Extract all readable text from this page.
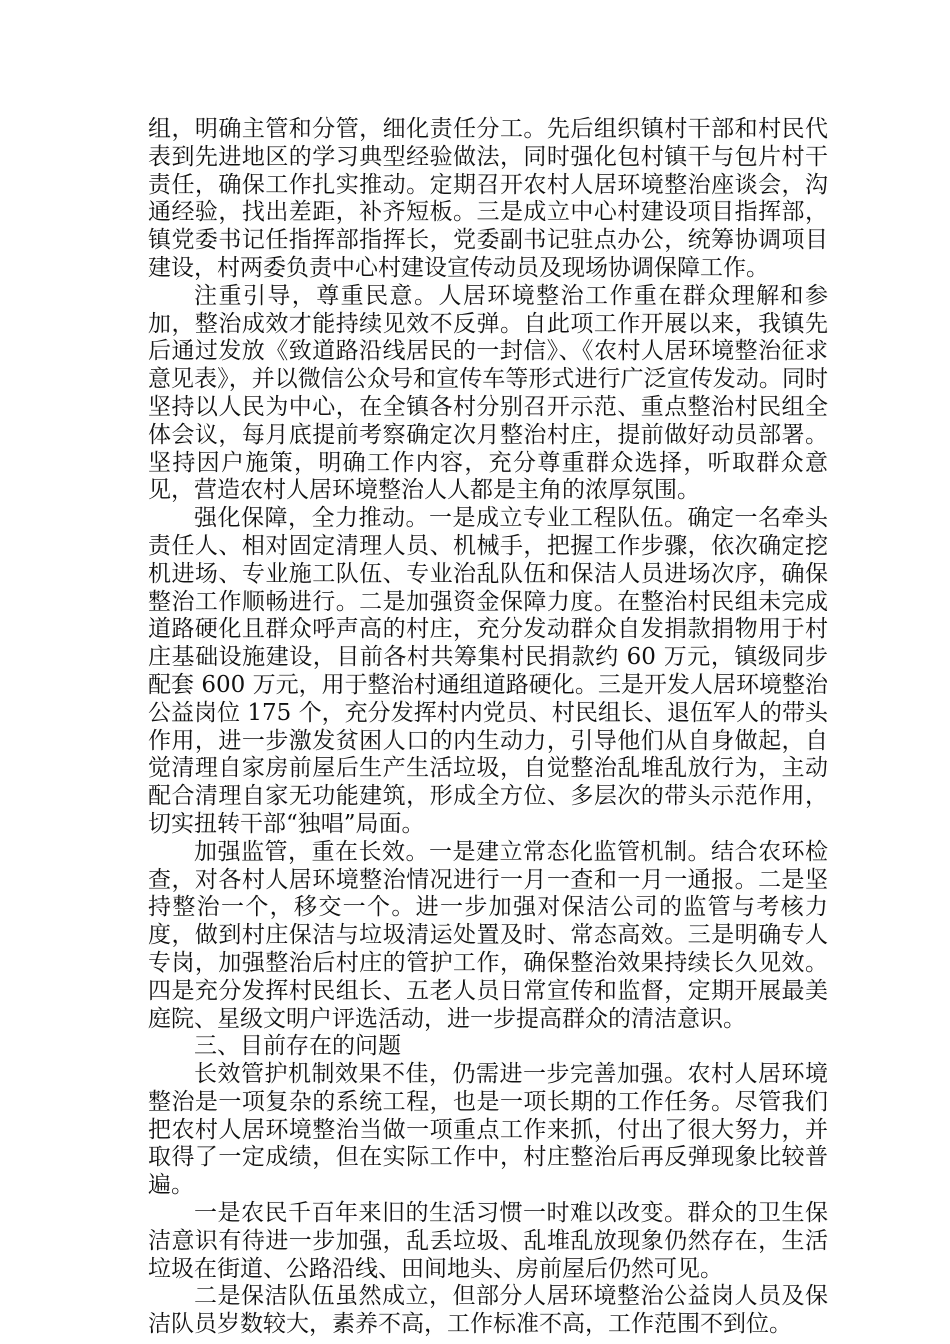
组，明确主管和分管，细化责任分工。先后组织镇村干部和村民代表到先进地区的学习典型经验做法，同时强化包村镇干与包片村干责任，确保工作扎实推动。定期召开农村人居环境整治座谈会，沟通经验，找出差距，补齐短板。三是成立中心村建设项目指挥部，镇党委书记任指挥部指挥长，党委副书记驻点办公，统筹协调项目建设，村两委负责中心村建设宣传动员及现场协调保障工作。

注重引导，尊重民意。人居环境整治工作重在群众理解和参加，整治成效才能持续见效不反弹。自此项工作开展以来，我镇先后通过发放《致道路沿线居民的一封信》、《农村人居环境整治征求意见表》，并以微信公众号和宣传车等形式进行广泛宣传发动。同时坚持以人民为中心，在全镇各村分别召开示范、重点整治村民组全体会议，每月底提前考察确定次月整治村庄，提前做好动员部署。坚持因户施策，明确工作内容，充分尊重群众选择，听取群众意见，营造农村人居环境整治人人都是主角的浓厚氛围。

强化保障，全力推动。一是成立专业工程队伍。确定一名牵头责任人、相对固定清理人员、机械手，把握工作步骤，依次确定挖机进场、专业施工队伍、专业治乱队伍和保洁人员进场次序，确保整治工作顺畅进行。二是加强资金保障力度。在整治村民组未完成道路硬化且群众呼声高的村庄，充分发动群众自发捐款捐物用于村庄基础设施建设，目前各村共筹集村民捐款约 60 万元，镇级同步配套 600 万元，用于整治村通组道路硬化。三是开发人居环境整治公益岗位 175 个，充分发挥村内党员、村民组长、退伍军人的带头作用，进一步激发贫困人口的内生动力，引导他们从自身做起，自觉清理自家房前屋后生产生活垃圾，自觉整治乱堆乱放行为，主动配合清理自家无功能建筑，形成全方位、多层次的带头示范作用，切实扭转干部“独唱”局面。

加强监管，重在长效。一是建立常态化监管机制。结合农环检查，对各村人居环境整治情况进行一月一查和一月一通报。二是坚持整治一个，移交一个。进一步加强对保洁公司的监管与考核力度，做到村庄保洁与垃圾清运处置及时、常态高效。三是明确专人专岗，加强整治后村庄的管护工作，确保整治效果持续长久见效。四是充分发挥村民组长、五老人员日常宣传和监督，定期开展最美庭院、星级文明户评选活动，进一步提高群众的清洁意识。

三、目前存在的问题

长效管护机制效果不佳，仍需进一步完善加强。农村人居环境整治是一项复杂的系统工程，也是一项长期的工作任务。尽管我们把农村人居环境整治当做一项重点工作来抓，付出了很大努力，并取得了一定成绩，但在实际工作中，村庄整治后再反弹现象比较普遍。

一是农民千百年来旧的生活习惯一时难以改变。群众的卫生保洁意识有待进一步加强，乱丢垃圾、乱堆乱放现象仍然存在，生活垃圾在街道、公路沿线、田间地头、房前屋后仍然可见。

二是保洁队伍虽然成立，但部分人居环境整治公益岗人员及保洁队员岁数较大，素养不高，工作标准不高，工作范围不到位。
